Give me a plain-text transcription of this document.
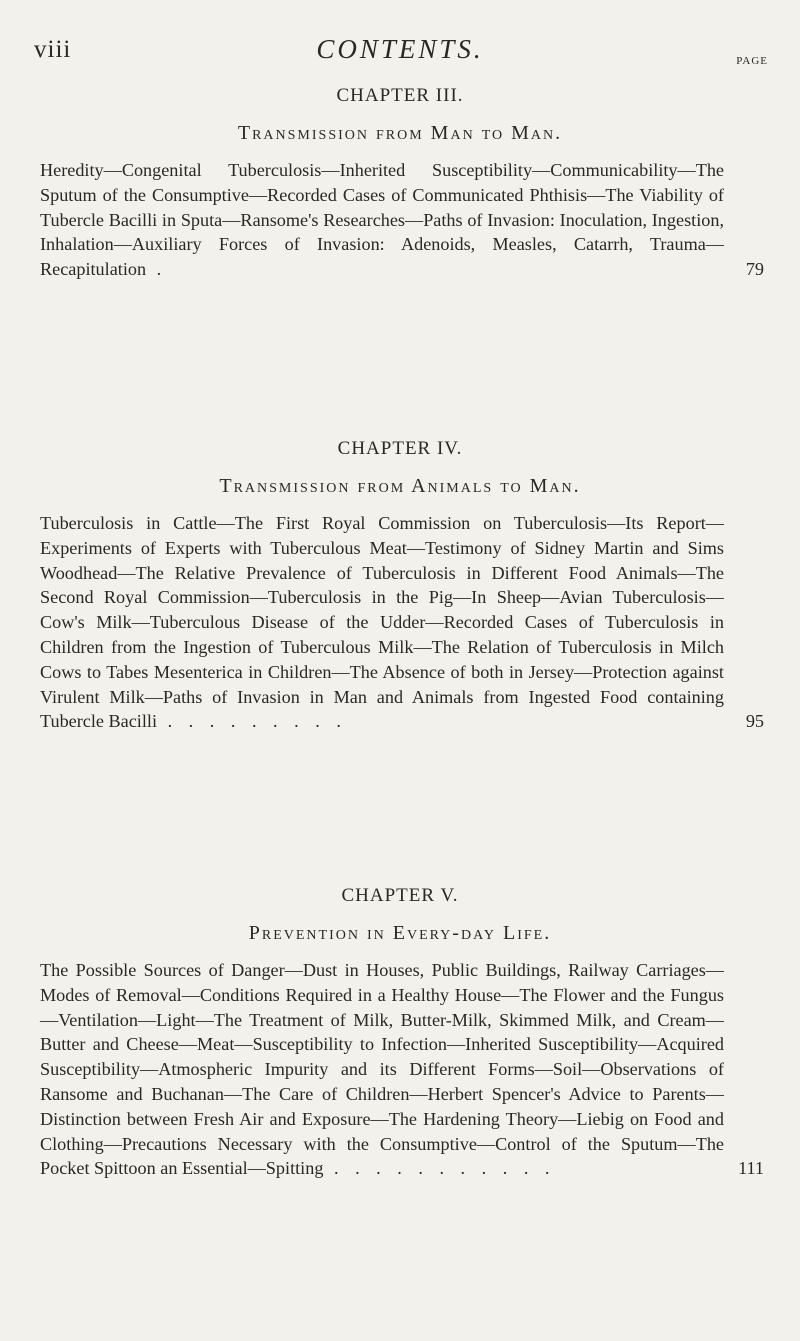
viii	CONTENTS.	PAGE
CHAPTER III.
Transmission from Man to Man.
Heredity—Congenital Tuberculosis—Inherited Susceptibility—Communicability—The Sputum of the Consumptive—Recorded Cases of Communicated Phthisis—The Viability of Tubercle Bacilli in Sputa—Ransome's Researches—Paths of Invasion: Inoculation, Ingestion, Inhalation—Auxiliary Forces of Invasion: Adenoids, Measles, Catarrh, Trauma—Recapitulation .	79
CHAPTER IV.
Transmission from Animals to Man.
Tuberculosis in Cattle—The First Royal Commission on Tuberculosis—Its Report—Experiments of Experts with Tuberculous Meat—Testimony of Sidney Martin and Sims Woodhead—The Relative Prevalence of Tuberculosis in Different Food Animals—The Second Royal Commission—Tuberculosis in the Pig—In Sheep—Avian Tuberculosis—Cow's Milk—Tuberculous Disease of the Udder—Recorded Cases of Tuberculosis in Children from the Ingestion of Tuberculous Milk—The Relation of Tuberculosis in Milch Cows to Tabes Mesenterica in Children—The Absence of both in Jersey—Protection against Virulent Milk—Paths of Invasion in Man and Animals from Ingested Food containing Tubercle Bacilli . . . . . . . . .	95
CHAPTER V.
Prevention in Every-day Life.
The Possible Sources of Danger—Dust in Houses, Public Buildings, Railway Carriages—Modes of Removal—Conditions Required in a Healthy House—The Flower and the Fungus—Ventilation—Light—The Treatment of Milk, Butter-Milk, Skimmed Milk, and Cream—Butter and Cheese—Meat—Susceptibility to Infection—Inherited Susceptibility—Acquired Susceptibility—Atmospheric Impurity and its Different Forms—Soil—Observations of Ransome and Buchanan—The Care of Children—Herbert Spencer's Advice to Parents—Distinction between Fresh Air and Exposure—The Hardening Theory—Liebig on Food and Clothing—Precautions Necessary with the Consumptive—Control of the Sputum—The Pocket Spittoon an Essential—Spitting . . . . . . . . . . .	111
